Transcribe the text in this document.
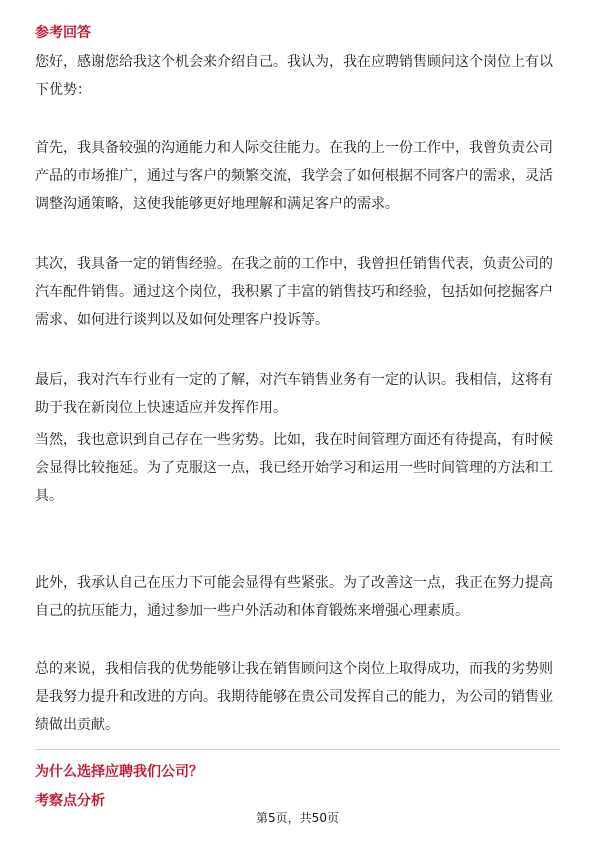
参考回答

您好，感谢您给我这个机会来介绍自己。我认为，我在应聘销售顾问这个岗位上有以下优势：

首先，我具备较强的沟通能力和人际交往能力。在我的上一份工作中，我曾负责公司产品的市场推广，通过与客户的频繁交流，我学会了如何根据不同客户的需求，灵活调整沟通策略，这使我能够更好地理解和满足客户的需求。

其次，我具备一定的销售经验。在我之前的工作中，我曾担任销售代表，负责公司的汽车配件销售。通过这个岗位，我积累了丰富的销售技巧和经验，包括如何挖掘客户需求、如何进行谈判以及如何处理客户投诉等。

最后，我对汽车行业有一定的了解，对汽车销售业务有一定的认识。我相信，这将有助于我在新岗位上快速适应并发挥作用。

当然，我也意识到自己存在一些劣势。比如，我在时间管理方面还有待提高，有时候会显得比较拖延。为了克服这一点，我已经开始学习和运用一些时间管理的方法和工具。

此外，我承认自己在压力下可能会显得有些紧张。为了改善这一点，我正在努力提高自己的抗压能力，通过参加一些户外活动和体育锻炼来增强心理素质。

总的来说，我相信我的优势能够让我在销售顾问这个岗位上取得成功，而我的劣势则是我努力提升和改进的方向。我期待能够在贵公司发挥自己的能力，为公司的销售业绩做出贡献。

为什么选择应聘我们公司？
考察点分析
第5页，共50页
